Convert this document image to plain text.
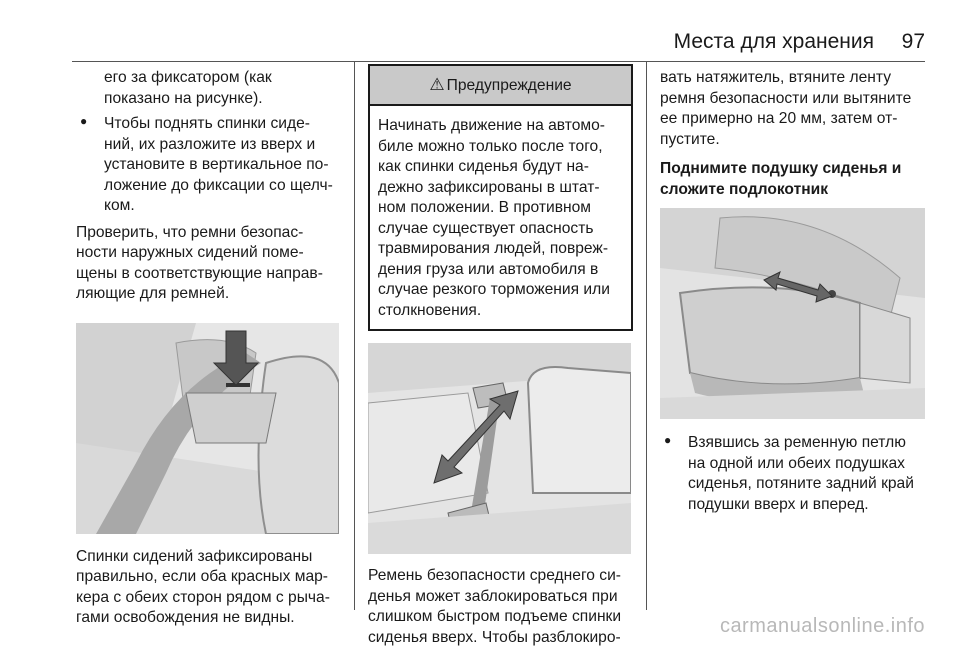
Места для хранения 97

его за фиксатором (как

показано на рисунке).

● Чтобы поднять спинки сиде-

ний, их разложите из вверх и

установите в вертикальное по-

ложение до фиксации со щелч-

ком.

Проверить, что ремни безопас-

ности наружных сидений поме-

щены в соответствующие направ-

ляющие для ремней.

Спинки сидений зафиксированы

правильно, если оба красных мар-

кера с обеих сторон рядом с рыча-

гами освобождения не видны.

⚠ Предупреждение

Начинать движение на автомо-

биле можно только после того,

как спинки сиденья будут на-

дежно зафиксированы в штат-

ном положении. В противном

случае существует опасность

травмирования людей, повреж-

дения груза или автомобиля в

случае резкого торможения или

столкновения.

Ремень безопасности среднего си-

денья может заблокироваться при

слишком быстром подъеме спинки

сиденья вверх. Чтобы разблокиро-

вать натяжитель, втяните ленту

ремня безопасности или вытяните

ее примерно на 20 мм, затем от-

пустите.

Поднимите подушку сиденья и

сложите подлокотник

● Взявшись за ременную петлю

на одной или обеих подушках

сиденья, потяните задний край

подушки вверх и вперед.

carmanualsonline.info
